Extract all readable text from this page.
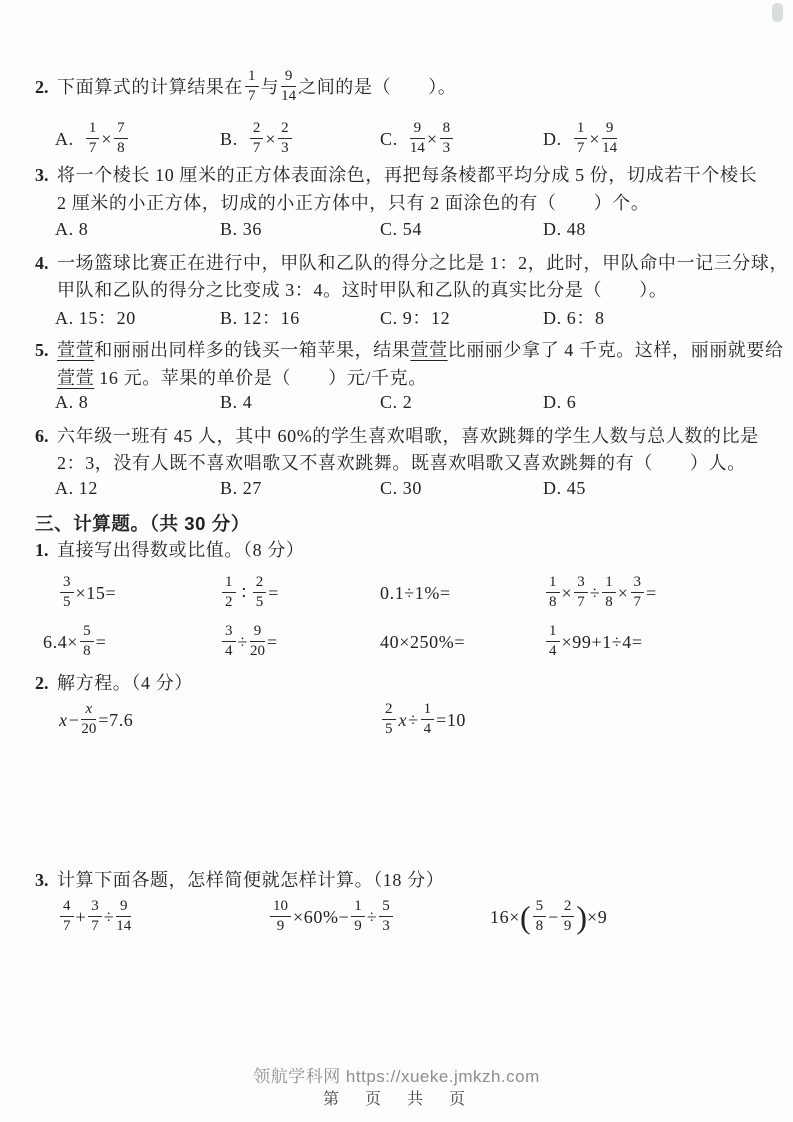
2. 下面算式的计算结果在 $\frac{1}{7}$ 与 $\frac{9}{14}$ 之间的是（　　）。
A. $\frac{1}{7} \times \frac{7}{8}$	B. $\frac{2}{7} \times \frac{2}{3}$	C. $\frac{9}{14} \times \frac{8}{3}$	D. $\frac{1}{7} \times \frac{9}{14}$
3. 将一个棱长 10 厘米的正方体表面涂色，再把每条棱都平均分成 5 份，切成若干个棱长
2 厘米的小正方体，切成的小正方体中，只有 2 面涂色的有（　　）个。
A. 8	B. 36	C. 54	D. 48
4. 一场篮球比赛正在进行中，甲队和乙队的得分之比是 1：2，此时，甲队命中一记三分球，
甲队和乙队的得分之比变成 3：4。这时甲队和乙队的真实比分是（　　）。
A. 15：20	B. 12：16	C. 9：12	D. 6：8
5. 萱萱和丽丽出同样多的钱买一箱苹果，结果萱萱比丽丽少拿了 4 千克。这样，丽丽就要给
萱萱 16 元。苹果的单价是（　　）元/千克。
A. 8	B. 4	C. 2	D. 6
6. 六年级一班有 45 人，其中 60%的学生喜欢唱歌，喜欢跳舞的学生人数与总人数的比是
2：3，没有人既不喜欢唱歌又不喜欢跳舞。既喜欢唱歌又喜欢跳舞的有（　　）人。
A. 12	B. 27	C. 30	D. 45
三、计算题。（共 30 分）
1. 直接写出得数或比值。（8 分）
$\frac{3}{5} \times 15=$	$\frac{1}{2}$ ∶ $\frac{2}{5}$ =	0.1÷1%=	$\frac{1}{8} \times \frac{3}{7} \div \frac{1}{8} \times \frac{3}{7}$ =
$6.4\times \frac{5}{8}$ =	$\frac{3}{4} \div \frac{9}{20}$ =	40×250%=	$\frac{1}{4} \times 99+1\div 4=$
2. 解方程。（4 分）
$x- \frac{x}{20} =7.6$	$\frac{2}{5} x\div \frac{1}{4} =10$
3. 计算下面各题，怎样简便就怎样计算。（18 分）
$\frac{4}{7} + \frac{3}{7} \div \frac{9}{14}$	$\frac{10}{9} \times 60\%- \frac{1}{9} \div \frac{5}{3}$	$16\times( \frac{5}{8} - \frac{2}{9} )\times 9$
领航学科网 https://xueke.jmkzh.com
第　页　共　页
